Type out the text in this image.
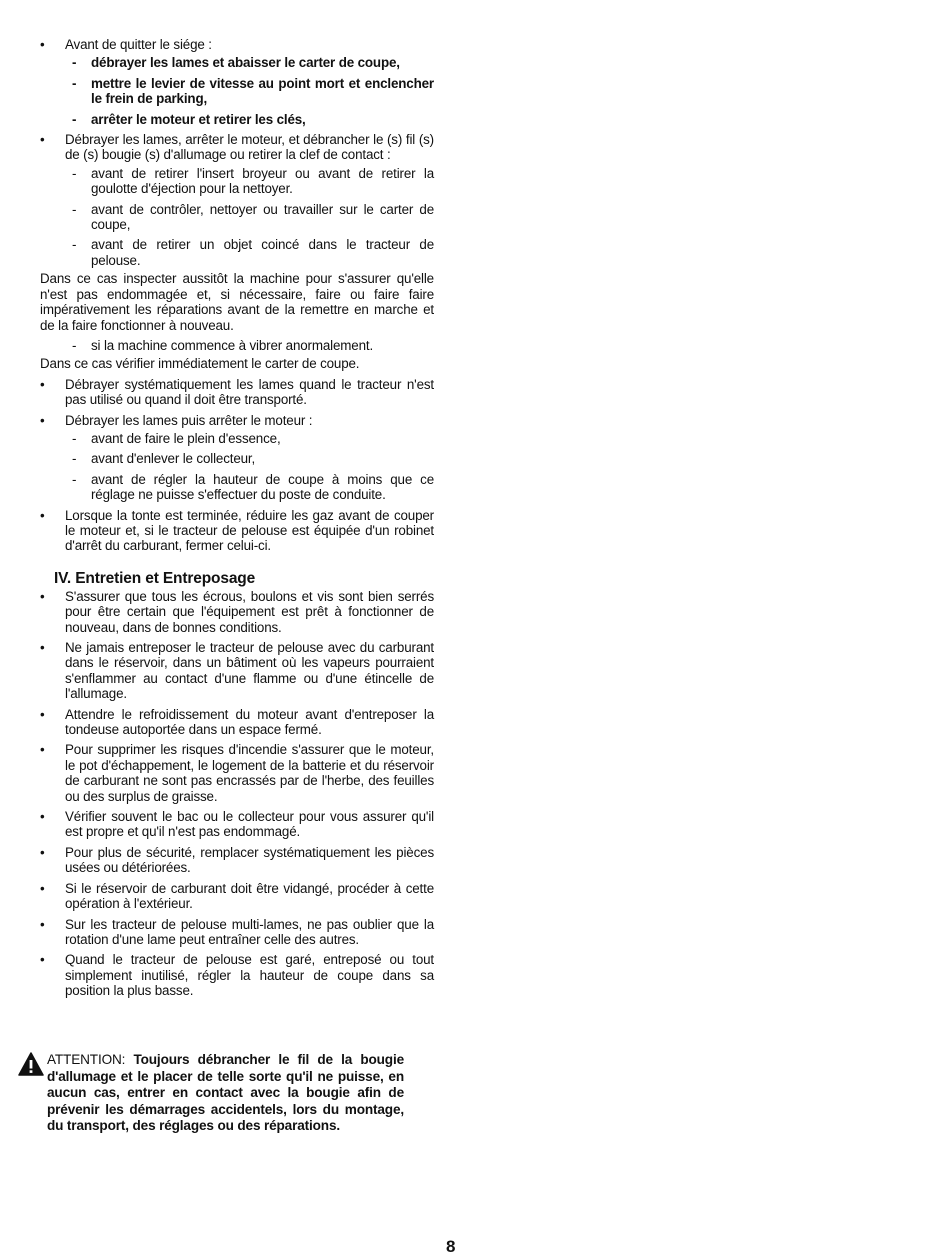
• Avant de quitter le siége :
- débrayer les lames et abaisser le carter de coupe,
- mettre le levier de vitesse au point mort et enclencher le frein de parking,
- arrêter le moteur et retirer les clés,
• Débrayer les lames, arrêter le moteur, et débrancher le (s) fil (s) de (s) bougie (s) d'allumage ou retirer la clef de contact :
- avant de retirer l'insert broyeur ou avant de retirer la goulotte d'éjection pour la nettoyer.
- avant de contrôler, nettoyer ou travailler sur le carter de coupe,
- avant de retirer un objet coincé dans le tracteur de pelouse.
Dans ce cas inspecter aussitôt la machine pour s'assurer qu'elle n'est pas endommagée et, si nécessaire, faire ou faire faire impérativement les réparations avant de la remettre en marche et de la faire fonctionner à nouveau.
- si la machine commence à vibrer anormalement.
Dans ce cas vérifier immédiatement le carter de coupe.
• Débrayer systématiquement les lames quand le tracteur n'est pas utilisé ou quand il doit être transporté.
• Débrayer les lames puis arrêter le moteur :
- avant de faire le plein d'essence,
- avant d'enlever le collecteur,
- avant de régler la hauteur de coupe à moins que ce réglage ne puisse s'effectuer du poste de conduite.
• Lorsque la tonte est terminée, réduire les gaz avant de couper le moteur et, si le tracteur de pelouse est équipée d'un robinet d'arrêt du carburant, fermer celui-ci.
IV. Entretien et Entreposage
• S'assurer que tous les écrous, boulons et vis sont bien serrés pour être certain que l'équipement est prêt à fonctionner de nouveau, dans de bonnes conditions.
• Ne jamais entreposer le tracteur de pelouse avec du carburant dans le réservoir, dans un bâtiment où les vapeurs pourraient s'enflammer au contact d'une flamme ou d'une étincelle de l'allumage.
• Attendre le refroidissement du moteur avant d'entreposer la tondeuse autoportée dans un espace fermé.
• Pour supprimer les risques d'incendie s'assurer que le moteur, le pot d'échappement, le logement de la batterie et du réservoir de carburant ne sont pas encrassés par de l'herbe, des feuilles ou des surplus de graisse.
• Vérifier souvent le bac ou le collecteur pour vous assurer qu'il est propre et qu'il n'est pas endommagé.
• Pour plus de sécurité, remplacer systématiquement les pièces usées ou détériorées.
• Si le réservoir de carburant doit être vidangé, procéder à cette opération à l'extérieur.
• Sur les tracteur de pelouse multi-lames, ne pas oublier que la rotation d'une lame peut entraîner celle des autres.
• Quand le tracteur de pelouse est garé, entreposé ou tout simplement inutilisé, régler la hauteur de coupe dans sa position la plus basse.
ATTENTION: Toujours débrancher le fil de la bougie d'allumage et le placer de telle sorte qu'il ne puisse, en aucun cas, entrer en contact avec la bougie afin de prévenir les démarrages accidentels, lors du montage, du transport, des réglages ou des réparations.
8
